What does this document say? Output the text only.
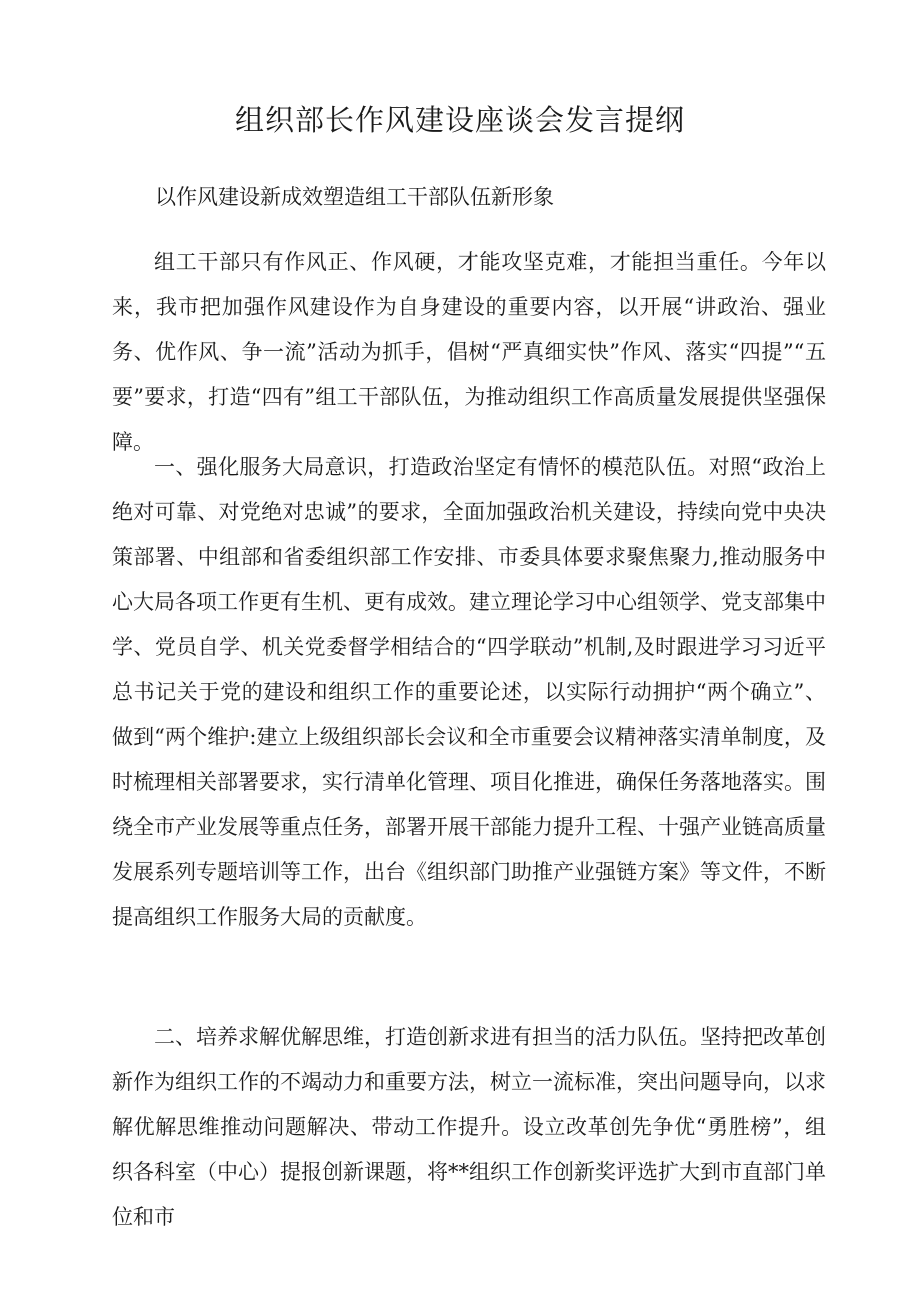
组织部长作风建设座谈会发言提纲

以作风建设新成效塑造组工干部队伍新形象

组工干部只有作风正、作风硬，才能攻坚克难，才能担当重任。今年以来，我市把加强作风建设作为自身建设的重要内容，以开展“讲政治、强业务、优作风、争一流”活动为抓手，倡树“严真细实快”作风、落实“四提”“五要”要求，打造“四有”组工干部队伍，为推动组织工作高质量发展提供坚强保障。

一、强化服务大局意识，打造政治坚定有情怀的模范队伍。对照“政治上绝对可靠、对党绝对忠诚”的要求，全面加强政治机关建设，持续向党中央决策部署、中组部和省委组织部工作安排、市委具体要求聚焦聚力,推动服务中心大局各项工作更有生机、更有成效。建立理论学习中心组领学、党支部集中学、党员自学、机关党委督学相结合的“四学联动”机制,及时跟进学习习近平总书记关于党的建设和组织工作的重要论述，以实际行动拥护“两个确立”、做到“两个维护:建立上级组织部长会议和全市重要会议精神落实清单制度，及时梳理相关部署要求，实行清单化管理、项目化推进，确保任务落地落实。围绕全市产业发展等重点任务，部署开展干部能力提升工程、十强产业链高质量发展系列专题培训等工作，出台《组织部门助推产业强链方案》等文件，不断提高组织工作服务大局的贡献度。

二、培养求解优解思维，打造创新求进有担当的活力队伍。坚持把改革创新作为组织工作的不竭动力和重要方法，树立一流标准，突出问题导向，以求解优解思维推动问题解决、带动工作提升。设立改革创先争优“勇胜榜”，组织各科室（中心）提报创新课题，将**组织工作创新奖评选扩大到市直部门单位和市
